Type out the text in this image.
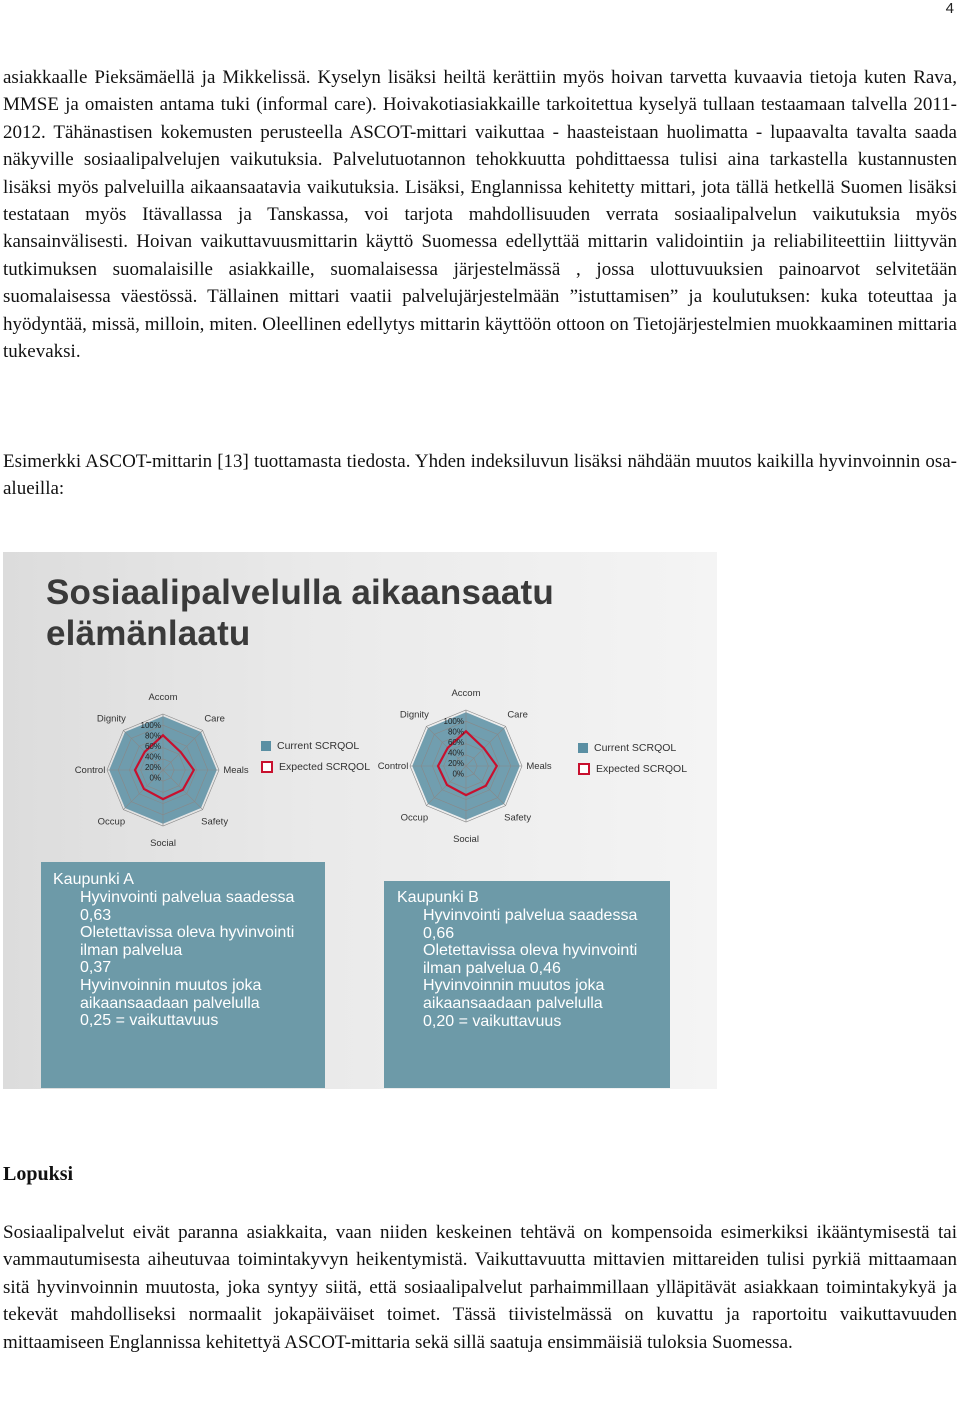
4

asiakkaalle Pieksämäellä ja Mikkelissä. Kyselyn lisäksi heiltä kerättiin myös hoivan tarvetta kuvaavia tietoja kuten Rava, MMSE ja omaisten antama tuki (informal care). Hoivakotiasiakkaille tarkoitettua kyselyä tullaan testaamaan talvella 2011-2012. Tähänastisen kokemusten perusteella ASCOT-mittari vaikuttaa - haasteistaan huolimatta - lupaavalta tavalta saada näkyville sosiaalipalvelujen vaikutuksia. Palvelutuotannon tehokkuutta pohdittaessa tulisi aina tarkastella kustannusten lisäksi myös palveluilla aikaansaatavia vaikutuksia. Lisäksi, Englannissa kehitetty mittari, jota tällä hetkellä Suomen lisäksi testataan myös Itävallassa ja Tanskassa, voi tarjota mahdollisuuden verrata sosiaalipalvelun vaikutuksia myös kansainvälisesti. Hoivan vaikuttavuusmittarin käyttö Suomessa edellyttää mittarin validointiin ja reliabiliteettiin liittyvän tutkimuksen suomalaisille asiakkaille, suomalaisessa järjestelmässä , jossa ulottuvuuksien painoarvot selvitetään suomalaisessa väestössä. Tällainen mittari vaatii palvelujärjestelmään ”istuttamisen” ja koulutuksen: kuka toteuttaa ja hyödyntää, missä, milloin, miten. Oleellinen edellytys mittarin käyttöön ottoon on Tietojärjestelmien muokkaaminen mittaria tukevaksi.

Esimerkki ASCOT-mittarin [13] tuottamasta tiedosta. Yhden indeksiluvun lisäksi nähdään muutos kaikilla hyvinvoinnin osa-alueilla:

Sosiaalipalvelulla aikaansaatu
elämänlaatu
Accom
Care
Meals
Safety
Social
Occup
Control
Dignity
100%
80%
60%
40%
20%
0%
Accom
Care
Meals
Safety
Social
Occup
Control
Dignity
100%
80%
60%
40%
20%
0%
Current SCRQOL
Expected SCRQOL
Current SCRQOL
Expected SCRQOL
Kaupunki A
Hyvinvointi palvelua saadessa
0,63
Oletettavissa oleva hyvinvointi
ilman palvelua
0,37
Hyvinvoinnin muutos joka
aikaansaadaan palvelulla
0,25 = vaikuttavuus
Kaupunki B
Hyvinvointi palvelua saadessa
0,66
Oletettavissa oleva hyvinvointi
ilman palvelua 0,46
Hyvinvoinnin muutos joka
aikaansaadaan palvelulla
0,20 = vaikuttavuus
Lopuksi

Sosiaalipalvelut eivät paranna asiakkaita, vaan niiden keskeinen tehtävä on kompensoida esimerkiksi ikääntymisestä tai vammautumisesta aiheutuvaa toimintakyvyn heikentymistä. Vaikuttavuutta mittavien mittareiden tulisi pyrkiä mittaamaan sitä hyvinvoinnin muutosta, joka syntyy siitä, että sosiaalipalvelut parhaimmillaan ylläpitävät asiakkaan toimintakykyä ja tekevät mahdolliseksi normaalit jokapäiväiset toimet. Tässä tiivistelmässä on kuvattu ja raportoitu vaikuttavuuden mittaamiseen Englannissa kehitettyä ASCOT-mittaria sekä sillä saatuja ensimmäisiä tuloksia Suomessa.
